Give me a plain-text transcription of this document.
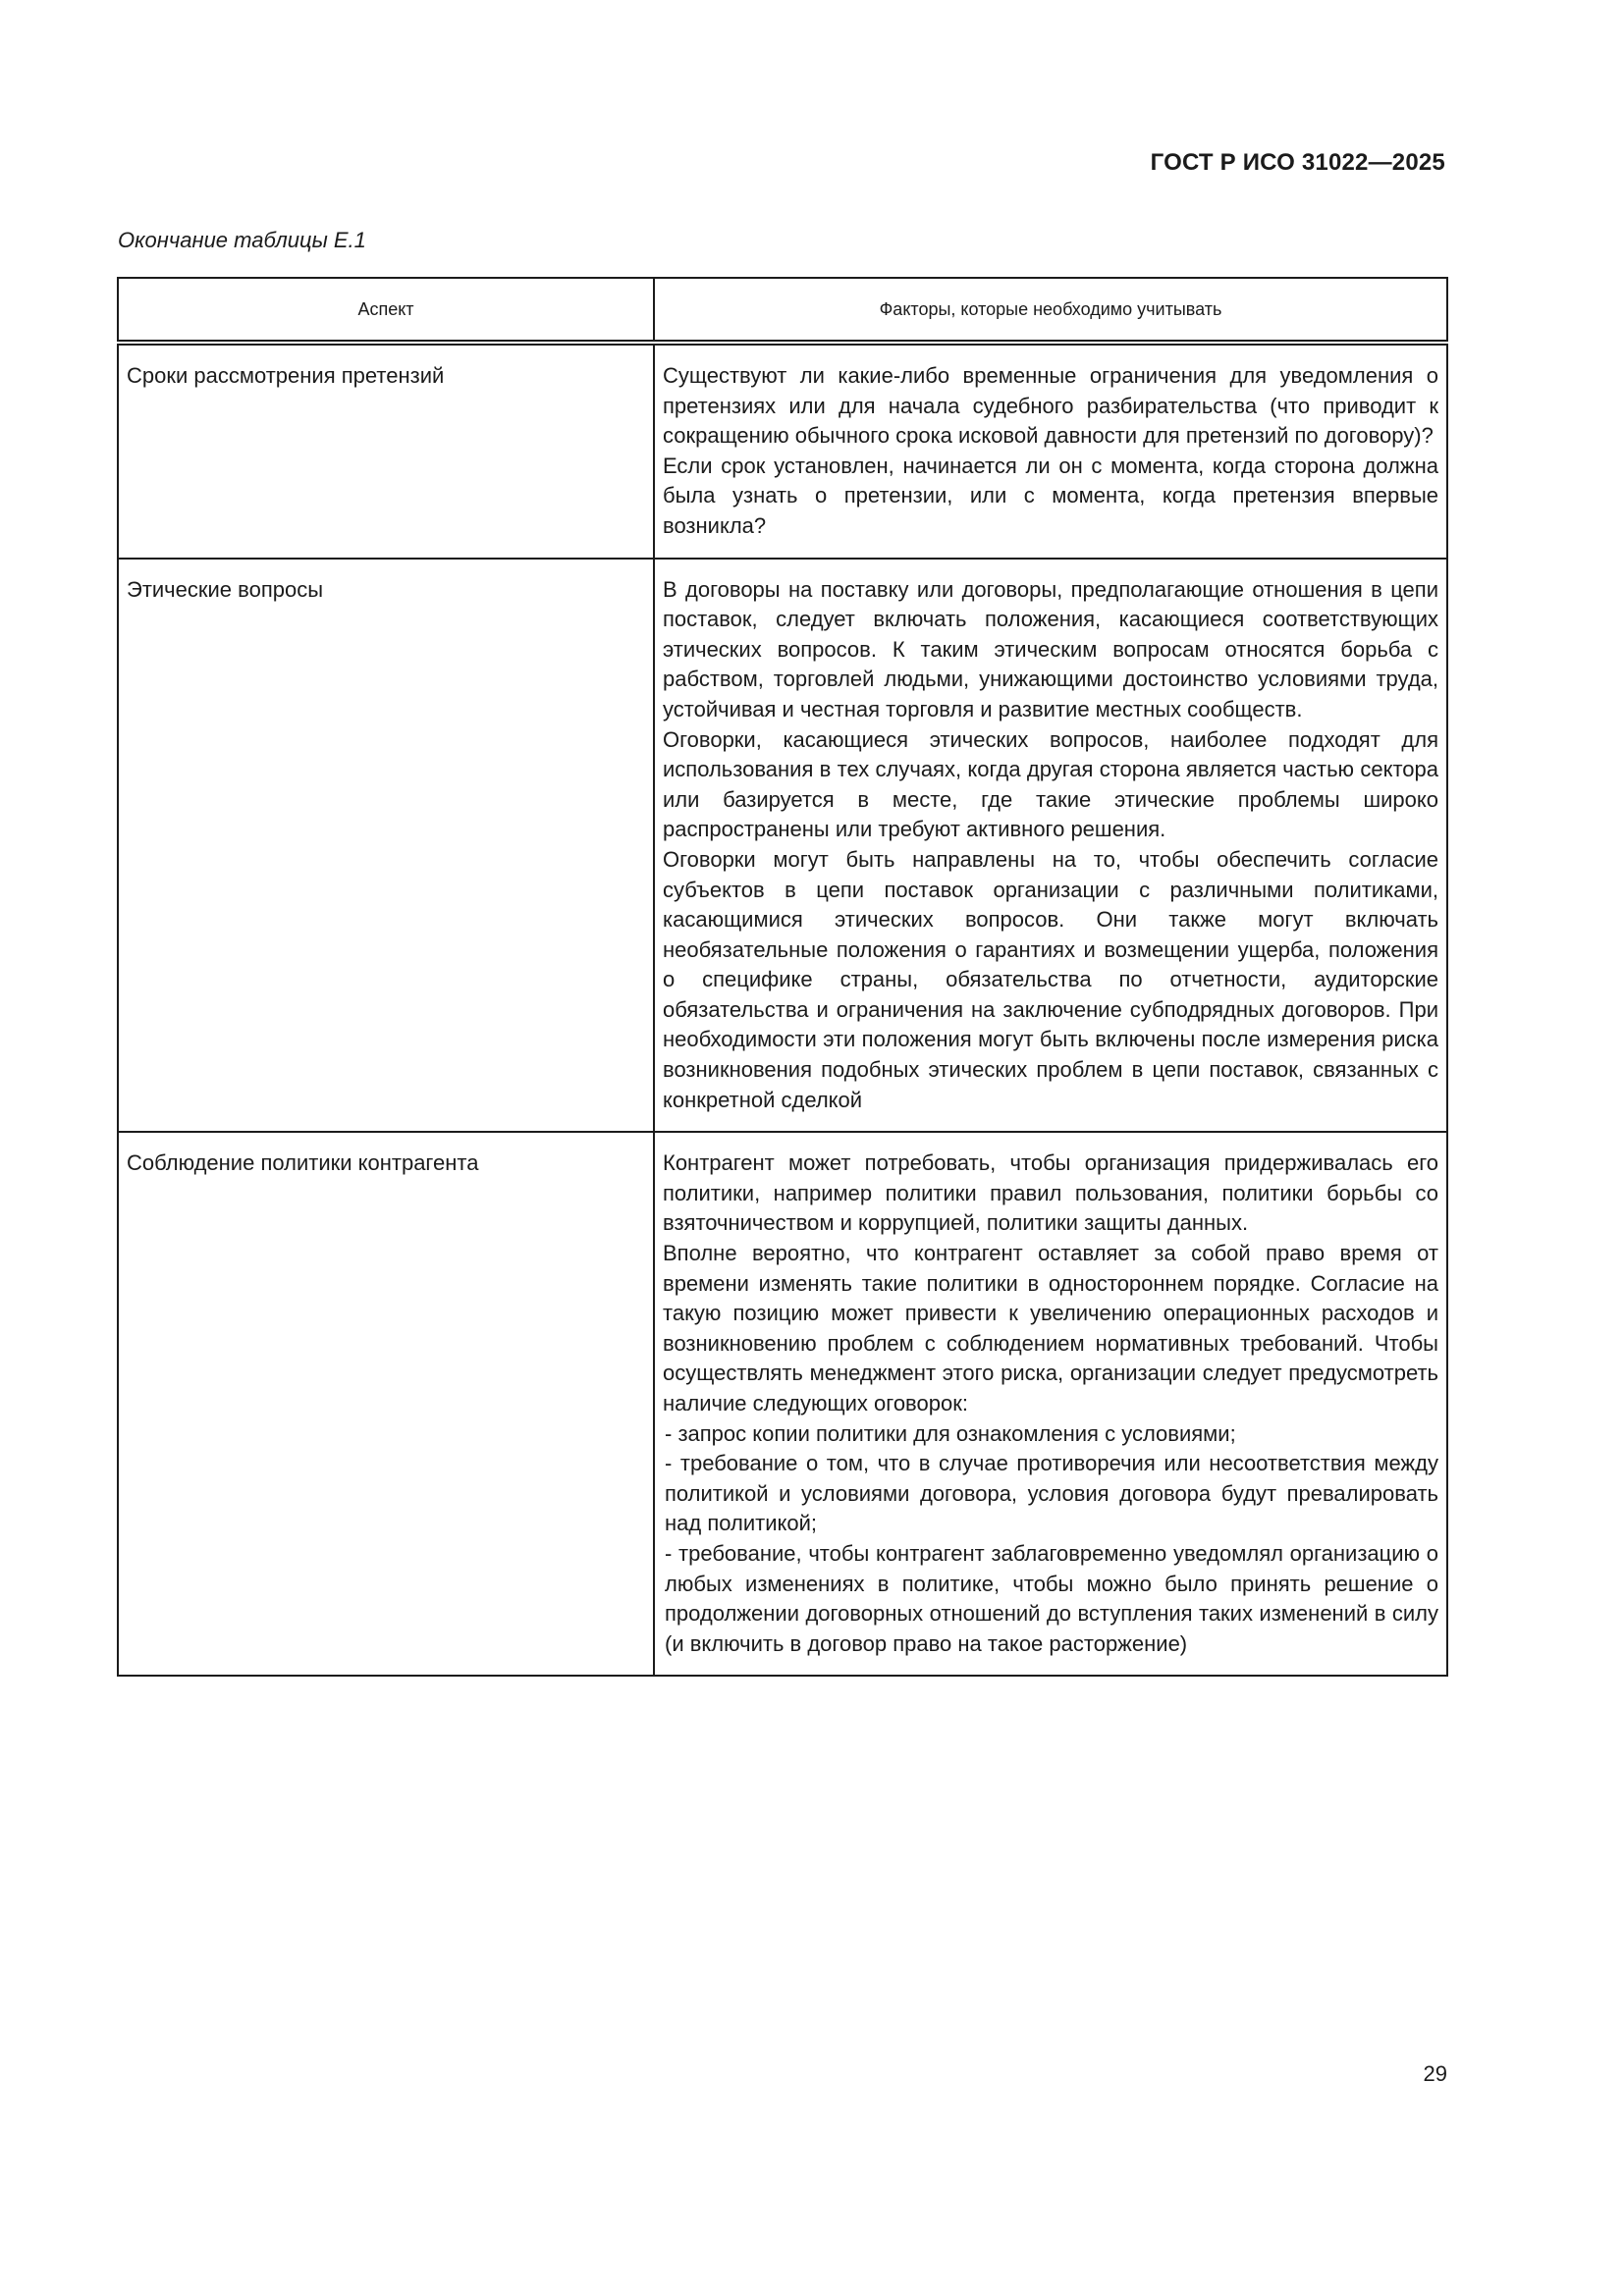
ГОСТ Р ИСО 31022—2025
Окончание таблицы Е.1
Аспект	Факторы, которые необходимо учитывать
Сроки рассмотрения претензий	Существуют ли какие-либо временные ограничения для уведомления о претензиях или для начала судебного разбирательства (что приводит к сокращению обычного срока исковой давности для претензий по договору)?

Если срок установлен, начинается ли он с момента, когда сторона должна была узнать о претензии, или с момента, когда претензия впервые возникла?

Этические вопросы	В договоры на поставку или договоры, предполагающие отношения в цепи поставок, следует включать положения, касающиеся соответствующих этических вопросов. К таким этическим вопросам относятся борьба с рабством, торговлей людьми, унижающими достоинство условиями труда, устойчивая и честная торговля и развитие местных сообществ.

Оговорки, касающиеся этических вопросов, наиболее подходят для использования в тех случаях, когда другая сторона является частью сектора или базируется в месте, где такие этические проблемы широко распространены или требуют активного решения.

Оговорки могут быть направлены на то, чтобы обеспечить согласие субъектов в цепи поставок организации с различными политиками, касающимися этических вопросов. Они также могут включать необязательные положения о гарантиях и возмещении ущерба, положения о специфике страны, обязательства по отчетности, аудиторские обязательства и ограничения на заключение субподрядных договоров. При необходимости эти положения могут быть включены после измерения риска возникновения подобных этических проблем в цепи поставок, связанных с конкретной сделкой

Соблюдение политики контрагента	Контрагент может потребовать, чтобы организация придерживалась его политики, например политики правил пользования, политики борьбы со взяточничеством и коррупцией, политики защиты данных.

Вполне вероятно, что контрагент оставляет за собой право время от времени изменять такие политики в одностороннем порядке. Согласие на такую позицию может привести к увеличению операционных расходов и возникновению проблем с соблюдением нормативных требований. Чтобы осуществлять менеджмент этого риска, организации следует предусмотреть наличие следующих оговорок:

- запрос копии политики для ознакомления с условиями;

- требование о том, что в случае противоречия или несоответствия между политикой и условиями договора, условия договора будут превалировать над политикой;

- требование, чтобы контрагент заблаговременно уведомлял организацию о любых изменениях в политике, чтобы можно было принять решение о продолжении договорных отношений до вступления таких изменений в силу (и включить в договор право на такое расторжение)

29
